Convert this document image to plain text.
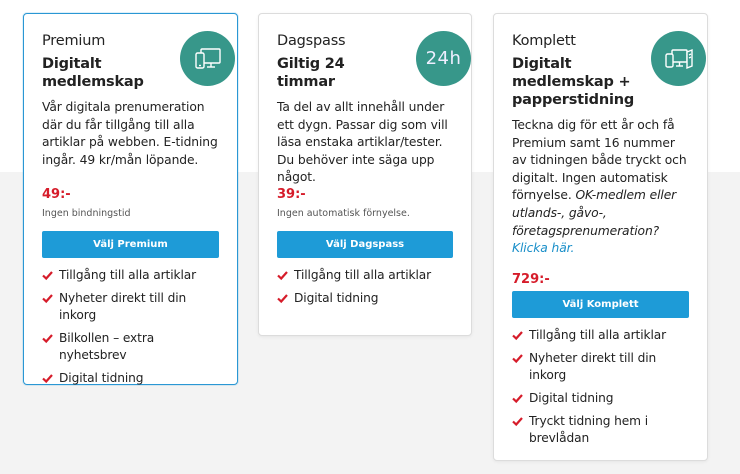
Premium
Digitalt
medlemskap
Vår digitala prenumeration där du får tillgång till alla artiklar på webben. E-tidning ingår. 49 kr/mån löpande.
49:-
Ingen bindningstid
Välj Premium
Tillgång till alla artiklar
Nyheter direkt till din inkorg
Bilkollen – extra nyhetsbrev
Digital tidning
Dagspass
Giltig 24
timmar
24h
Ta del av allt innehåll under ett dygn. Passar dig som vill läsa enstaka artiklar/tester. Du behöver inte säga upp något.
39:-
Ingen automatisk förnyelse.
Välj Dagspass
Tillgång till alla artiklar
Digital tidning
Komplett
Digitalt
medlemskap +
papperstidning
Teckna dig för ett år och få Premium samt 16 nummer av tidningen både tryckt och digitalt. Ingen automatisk förnyelse. OK-medlem eller utlands-, gåvo-, företagsprenumeration? Klicka här.
729:-
Välj Komplett
Tillgång till alla artiklar
Nyheter direkt till din inkorg
Digital tidning
Tryckt tidning hem i brevlådan
